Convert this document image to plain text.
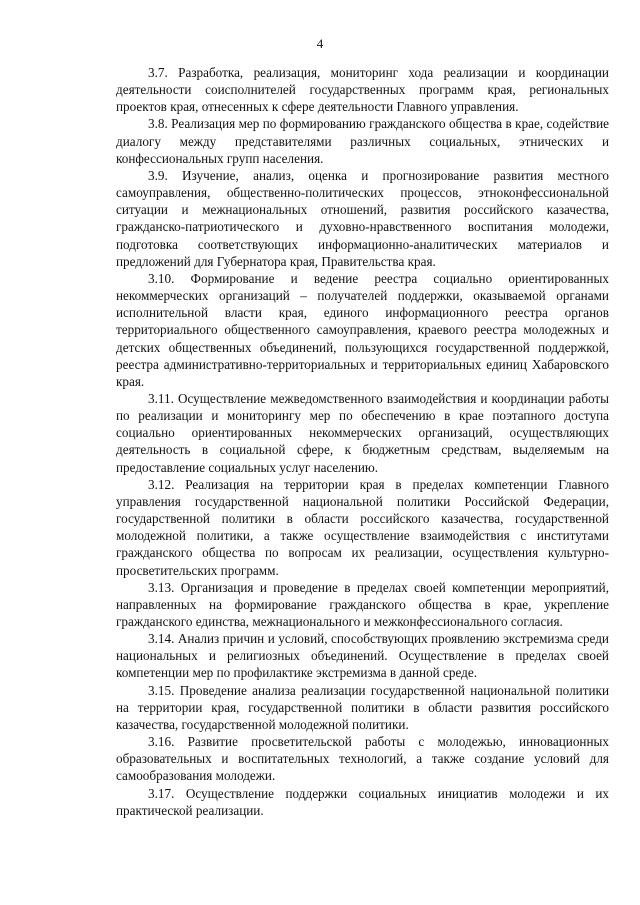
4

3.7. Разработка, реализация, мониторинг хода реализации и координации деятельности соисполнителей государственных программ края, региональных проектов края, отнесенных к сфере деятельности Главного управления.

3.8. Реализация мер по формированию гражданского общества в крае, содействие диалогу между представителями различных социальных, этнических и конфессиональных групп населения.

3.9. Изучение, анализ, оценка и прогнозирование развития местного самоуправления, общественно-политических процессов, этноконфессиональной ситуации и межнациональных отношений, развития российского казачества, гражданско-патриотического и духовно-нравственного воспитания молодежи, подготовка соответствующих информационно-аналитических материалов и предложений для Губернатора края, Правительства края.

3.10. Формирование и ведение реестра социально ориентированных некоммерческих организаций – получателей поддержки, оказываемой органами исполнительной власти края, единого информационного реестра органов территориального общественного самоуправления, краевого реестра молодежных и детских общественных объединений, пользующихся государственной поддержкой, реестра административно-территориальных и территориальных единиц Хабаровского края.

3.11. Осуществление межведомственного взаимодействия и координации работы по реализации и мониторингу мер по обеспечению в крае поэтапного доступа социально ориентированных некоммерческих организаций, осуществляющих деятельность в социальной сфере, к бюджетным средствам, выделяемым на предоставление социальных услуг населению.

3.12. Реализация на территории края в пределах компетенции Главного управления государственной национальной политики Российской Федерации, государственной политики в области российского казачества, государственной молодежной политики, а также осуществление взаимодействия с институтами гражданского общества по вопросам их реализации, осуществления культурно-просветительских программ.

3.13. Организация и проведение в пределах своей компетенции мероприятий, направленных на формирование гражданского общества в крае, укрепление гражданского единства, межнационального и межконфессионального согласия.

3.14. Анализ причин и условий, способствующих проявлению экстремизма среди национальных и религиозных объединений. Осуществление в пределах своей компетенции мер по профилактике экстремизма в данной среде.

3.15. Проведение анализа реализации государственной национальной политики на территории края, государственной политики в области развития российского казачества, государственной молодежной политики.

3.16. Развитие просветительской работы с молодежью, инновационных образовательных и воспитательных технологий, а также создание условий для самообразования молодежи.

3.17. Осуществление поддержки социальных инициатив молодежи и их практической реализации.
